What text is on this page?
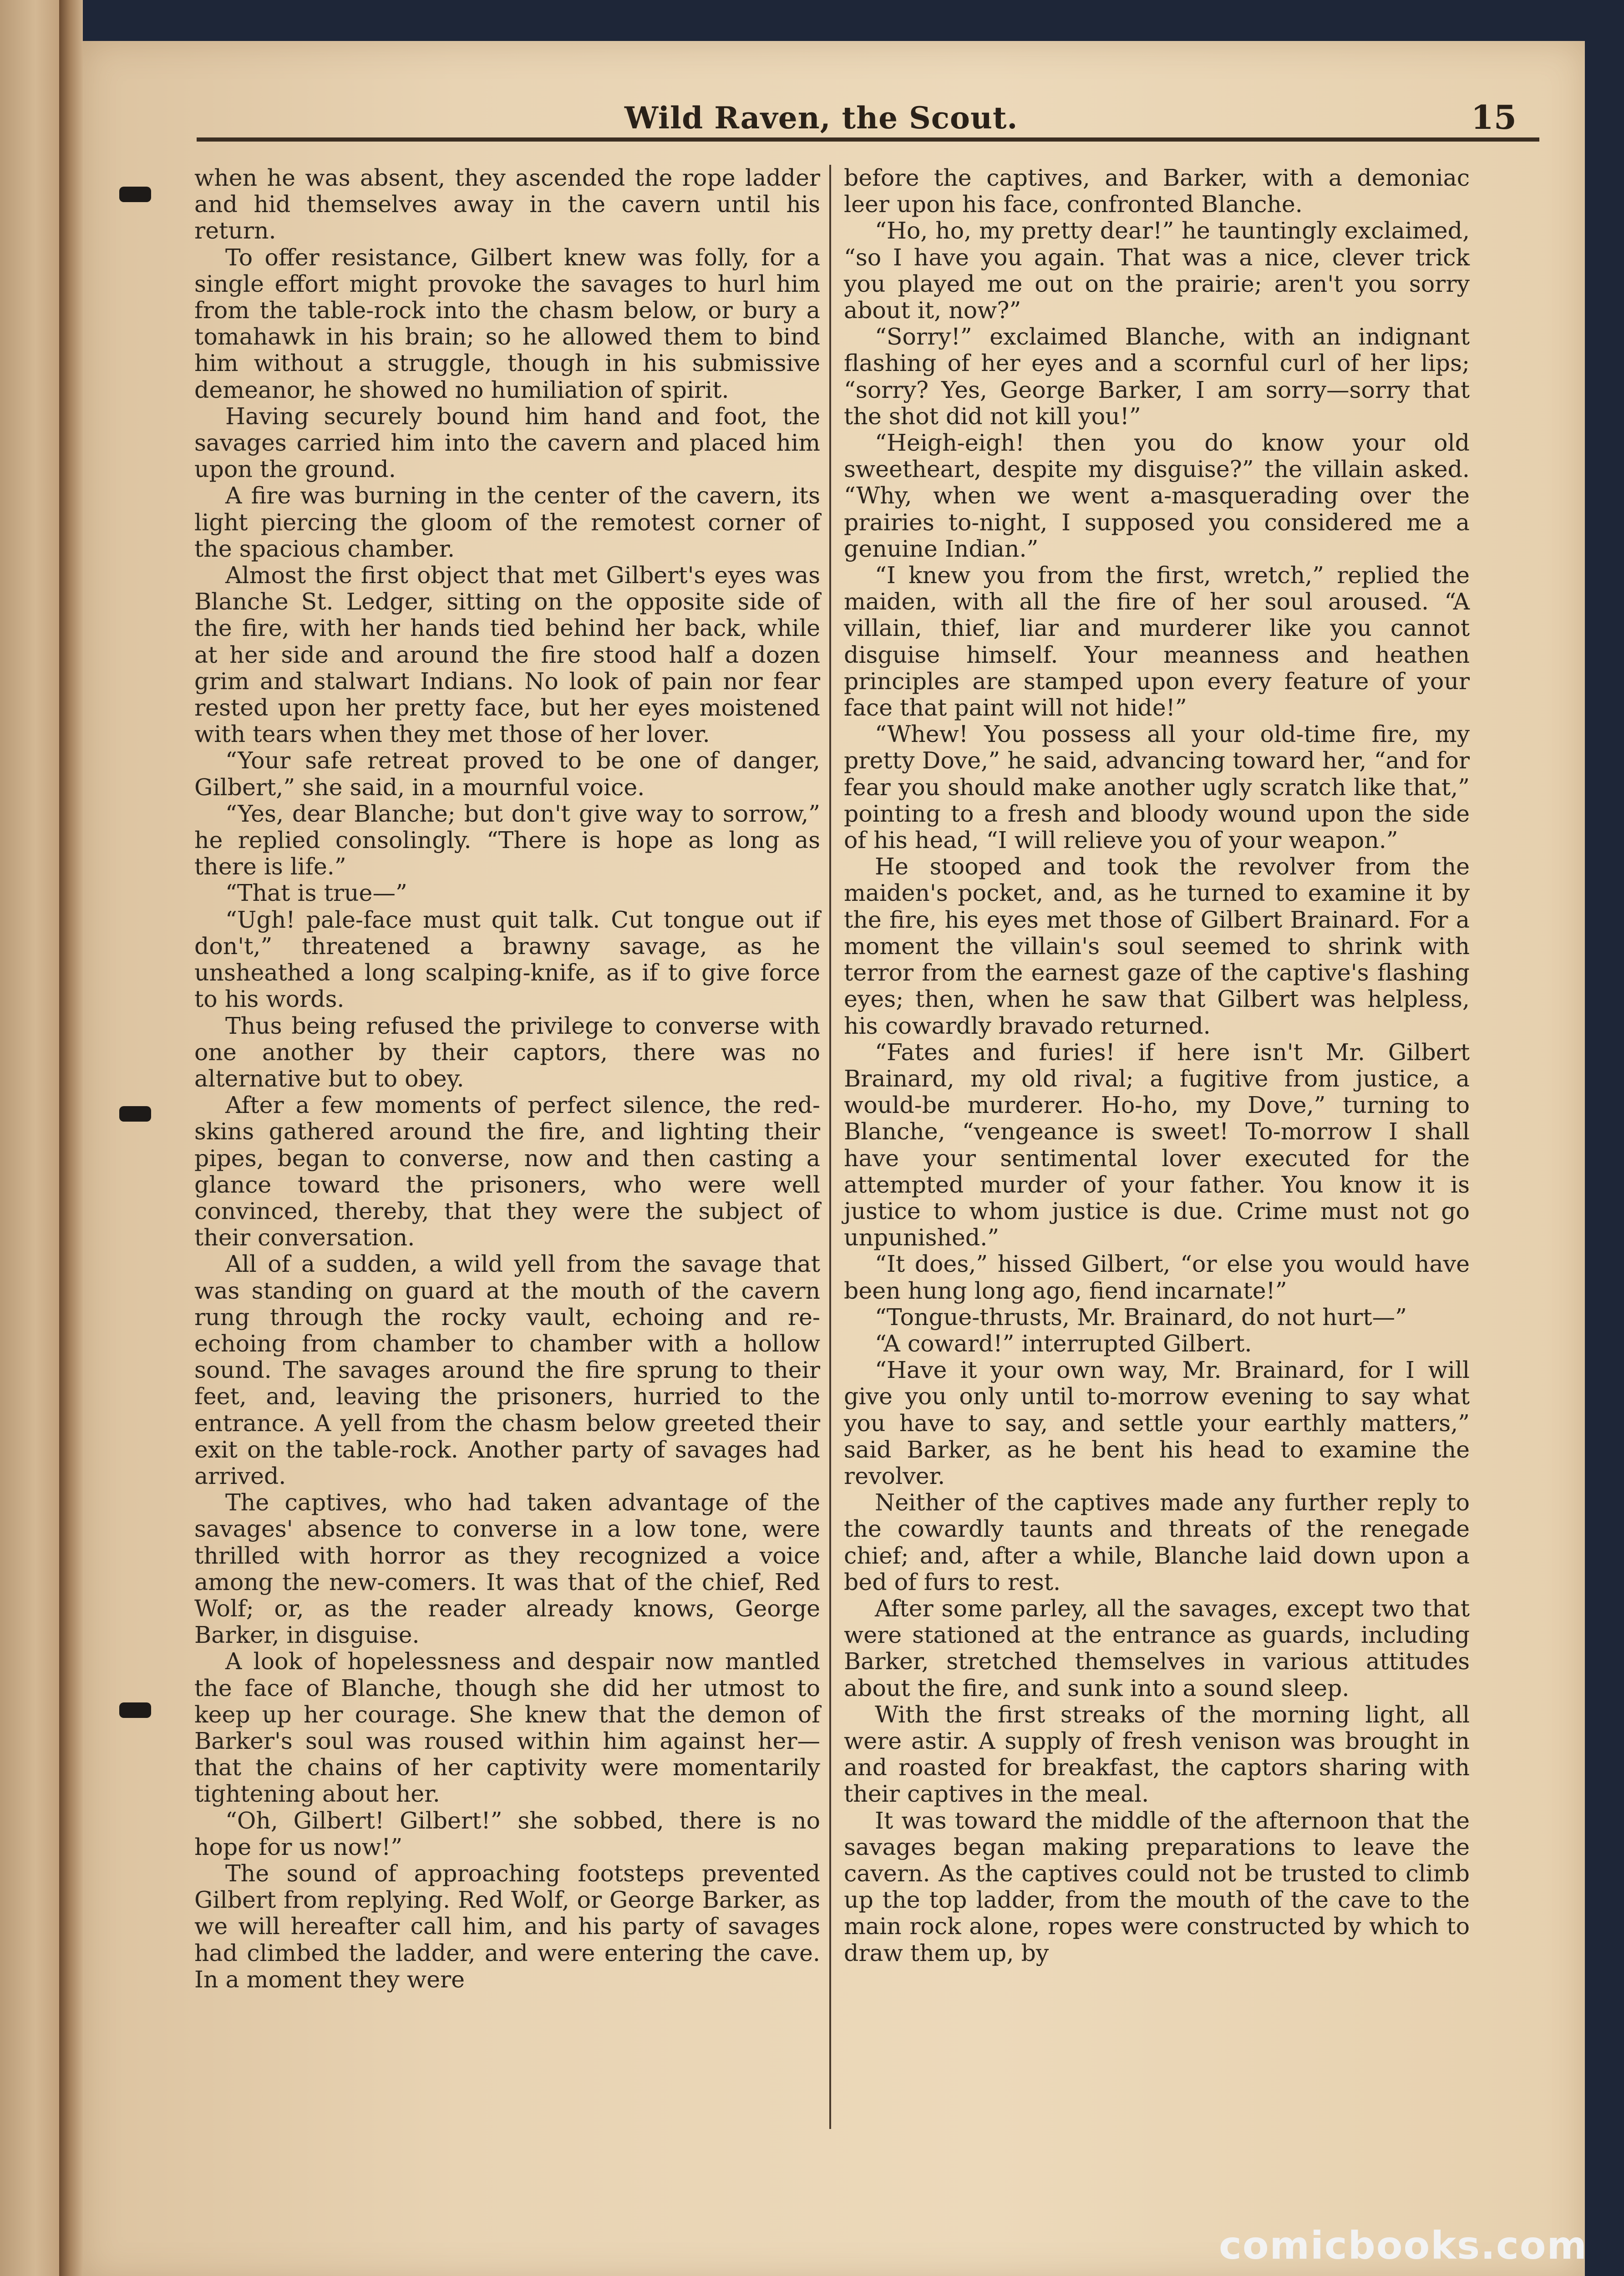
Wild Raven, the Scout.	15

when he was absent, they ascended the rope ladder and hid themselves away in the cavern until his return.

To offer resistance, Gilbert knew was folly, for a single effort might provoke the savages to hurl him from the table-rock into the chasm below, or bury a tomahawk in his brain; so he allowed them to bind him without a struggle, though in his submissive demeanor, he showed no humiliation of spirit.

Having securely bound him hand and foot, the savages carried him into the cavern and placed him upon the ground.

A fire was burning in the center of the cavern, its light piercing the gloom of the remotest corner of the spacious chamber.

Almost the first object that met Gilbert's eyes was Blanche St. Ledger, sitting on the opposite side of the fire, with her hands tied behind her back, while at her side and around the fire stood half a dozen grim and stalwart Indians. No look of pain nor fear rested upon her pretty face, but her eyes moistened with tears when they met those of her lover.

“Your safe retreat proved to be one of danger, Gilbert,” she said, in a mournful voice.

“Yes, dear Blanche; but don't give way to sorrow,” he replied consolingly. “There is hope as long as there is life.”

“That is true—”

“Ugh! pale-face must quit talk. Cut tongue out if don't,” threatened a brawny savage, as he unsheathed a long scalping-knife, as if to give force to his words.

Thus being refused the privilege to converse with one another by their captors, there was no alternative but to obey.

After a few moments of perfect silence, the red-skins gathered around the fire, and lighting their pipes, began to converse, now and then casting a glance toward the prisoners, who were well convinced, thereby, that they were the subject of their conversation.

All of a sudden, a wild yell from the savage that was standing on guard at the mouth of the cavern rung through the rocky vault, echoing and re-echoing from chamber to chamber with a hollow sound. The savages around the fire sprung to their feet, and, leaving the prisoners, hurried to the entrance. A yell from the chasm below greeted their exit on the table-rock. Another party of savages had arrived.

The captives, who had taken advantage of the savages' absence to converse in a low tone, were thrilled with horror as they recognized a voice among the new-comers. It was that of the chief, Red Wolf; or, as the reader already knows, George Barker, in disguise.

A look of hopelessness and despair now mantled the face of Blanche, though she did her utmost to keep up her courage. She knew that the demon of Barker's soul was roused within him against her—that the chains of her captivity were momentarily tightening about her.

“Oh, Gilbert! Gilbert!” she sobbed, there is no hope for us now!”

The sound of approaching footsteps prevented Gilbert from replying. Red Wolf, or George Barker, as we will hereafter call him, and his party of savages had climbed the ladder, and were entering the cave. In a moment they were

before the captives, and Barker, with a demoniac leer upon his face, confronted Blanche.

“Ho, ho, my pretty dear!” he tauntingly exclaimed, “so I have you again. That was a nice, clever trick you played me out on the prairie; aren't you sorry about it, now?”

“Sorry!” exclaimed Blanche, with an indignant flashing of her eyes and a scornful curl of her lips; “sorry? Yes, George Barker, I am sorry—sorry that the shot did not kill you!”

“Heigh-eigh! then you do know your old sweetheart, despite my disguise?” the villain asked. “Why, when we went a-masquerading over the prairies to-night, I supposed you considered me a genuine Indian.”

“I knew you from the first, wretch,” replied the maiden, with all the fire of her soul aroused. “A villain, thief, liar and murderer like you cannot disguise himself. Your meanness and heathen principles are stamped upon every feature of your face that paint will not hide!”

“Whew! You possess all your old-time fire, my pretty Dove,” he said, advancing toward her, “and for fear you should make another ugly scratch like that,” pointing to a fresh and bloody wound upon the side of his head, “I will relieve you of your weapon.”

He stooped and took the revolver from the maiden's pocket, and, as he turned to examine it by the fire, his eyes met those of Gilbert Brainard. For a moment the villain's soul seemed to shrink with terror from the earnest gaze of the captive's flashing eyes; then, when he saw that Gilbert was helpless, his cowardly bravado returned.

“Fates and furies! if here isn't Mr. Gilbert Brainard, my old rival; a fugitive from justice, a would-be murderer. Ho-ho, my Dove,” turning to Blanche, “vengeance is sweet! To-morrow I shall have your sentimental lover executed for the attempted murder of your father. You know it is justice to whom justice is due. Crime must not go unpunished.”

“It does,” hissed Gilbert, “or else you would have been hung long ago, fiend incarnate!”

“Tongue-thrusts, Mr. Brainard, do not hurt—”

“A coward!” interrupted Gilbert.

“Have it your own way, Mr. Brainard, for I will give you only until to-morrow evening to say what you have to say, and settle your earthly matters,” said Barker, as he bent his head to examine the revolver.

Neither of the captives made any further reply to the cowardly taunts and threats of the renegade chief; and, after a while, Blanche laid down upon a bed of furs to rest.

After some parley, all the savages, except two that were stationed at the entrance as guards, including Barker, stretched themselves in various attitudes about the fire, and sunk into a sound sleep.

With the first streaks of the morning light, all were astir. A supply of fresh venison was brought in and roasted for breakfast, the captors sharing with their captives in the meal.

It was toward the middle of the afternoon that the savages began making preparations to leave the cavern. As the captives could not be trusted to climb up the top ladder, from the mouth of the cave to the main rock alone, ropes were constructed by which to draw them up, by

comicbooks.com
